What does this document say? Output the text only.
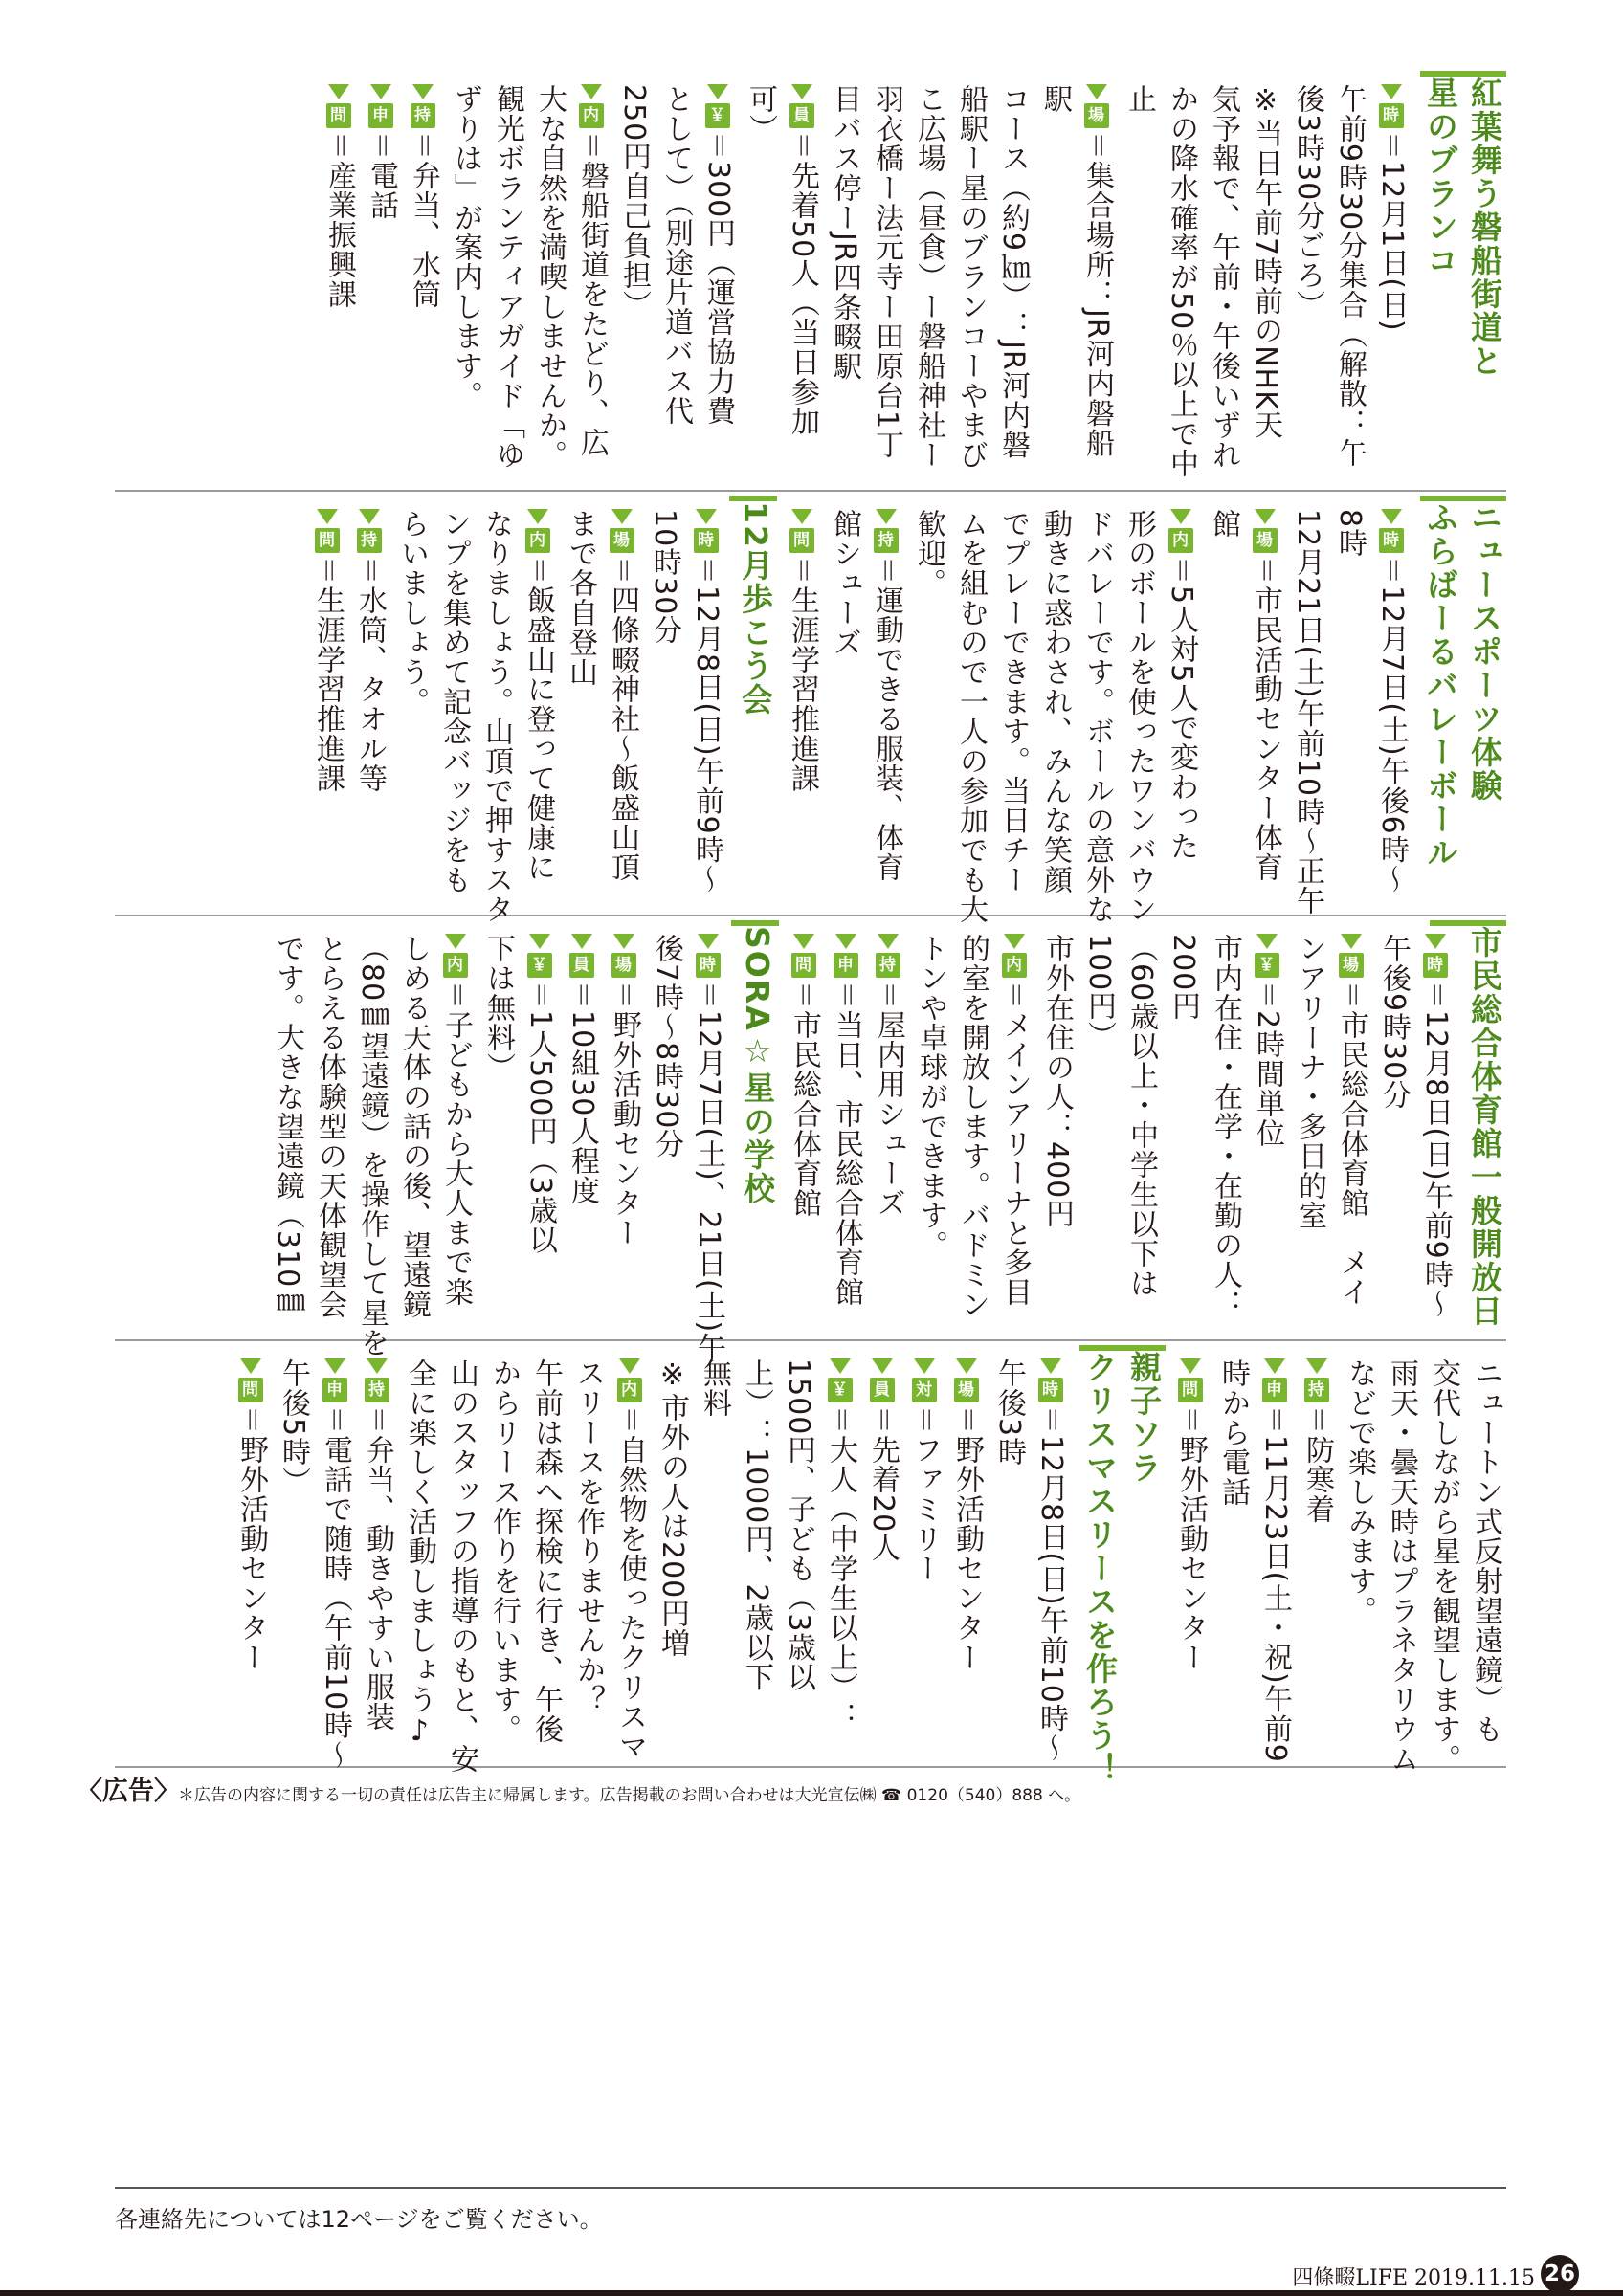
紅葉舞う磐船街道と
星のブランコ
時＝12月1日(日)
午前9時30分集合（解散：午
後3時30分ごろ）
※当日午前7時前のNHK天
気予報で、午前・午後いずれ
かの降水確率が50％以上で中
止
場＝集合場所：JR河内磐船
駅
コース（約9㎞）：JR河内磐
船駅ー星のブランコーやまび
こ広場（昼食）ー磐船神社ー
羽衣橋ー法元寺ー田原台1丁
目バス停ーJR四条畷駅
員＝先着50人（当日参加
可）
￥＝300円（運営協力費
として）（別途片道バス代
250円自己負担）
内＝磐船街道をたどり、広
大な自然を満喫しませんか。
観光ボランティアガイド「ゆ
ずりは」が案内します。
持＝弁当、水筒
申＝電話
問＝産業振興課
ニュースポーツ体験
ふらばーるバレーボール
時＝12月7日(土)午後6時〜
8時
12月21日(土)午前10時〜正午
場＝市民活動センター体育
館
内＝5人対5人で変わった
形のボールを使ったワンバウン
ドバレーです。ボールの意外な
動きに惑わされ、みんな笑顔
でプレーできます。当日チー
ムを組むので一人の参加でも大
歓迎。
持＝運動できる服装、体育
館シューズ
問＝生涯学習推進課
12月歩こう会
時＝12月8日(日)午前9時〜
10時30分
場＝四條畷神社〜飯盛山頂
まで各自登山
内＝飯盛山に登って健康に
なりましょう。山頂で押すスタ
ンプを集めて記念バッジをも
らいましょう。
持＝水筒、タオル等
問＝生涯学習推進課
市民総合体育館一般開放日
時＝12月8日(日)午前9時〜
午後9時30分
場＝市民総合体育館　メイ
ンアリーナ・多目的室
￥＝2時間単位
市内在住・在学・在勤の人：
200円
（60歳以上・中学生以下は
100円）
市外在住の人：400円
内＝メインアリーナと多目
的室を開放します。バドミン
トンや卓球ができます。
持＝屋内用シューズ
申＝当日、市民総合体育館
問＝市民総合体育館
SORA☆星の学校
時＝12月7日(土)、21日(土)午
後7時〜8時30分
場＝野外活動センター
員＝10組30人程度
￥＝1人500円（3歳以
下は無料）
内＝子どもから大人まで楽
しめる天体の話の後、望遠鏡
（80㎜望遠鏡）を操作して星を
とらえる体験型の天体観望会
です。大きな望遠鏡（310㎜
ニュートン式反射望遠鏡）も
交代しながら星を観望します。
雨天・曇天時はプラネタリウム
などで楽しみます。
持＝防寒着
申＝11月23日(土・祝)午前9
時から電話
問＝野外活動センター
親子ソラ
クリスマスリースを作ろう！
時＝12月8日(日)午前10時〜
午後3時
場＝野外活動センター
対＝ファミリー
員＝先着20人
￥＝大人（中学生以上）：
1500円、子ども（3歳以
上）：1000円、2歳以下
無料
※市外の人は200円増
内＝自然物を使ったクリスマ
スリースを作りませんか？
午前は森へ探検に行き、午後
からリース作りを行います。
山のスタッフの指導のもと、安
全に楽しく活動しましょう♪
持＝弁当、動きやすい服装
申＝電話で随時（午前10時〜
午後5時）
問＝野外活動センター
〈広告〉
＊広告の内容に関する一切の責任は広告主に帰属します。広告掲載のお問い合わせは大光宣伝㈱ ☎ 0120（540）888 へ。
各連絡先については12ページをご覧ください。
四條畷LIFE 2019.11.15 26
